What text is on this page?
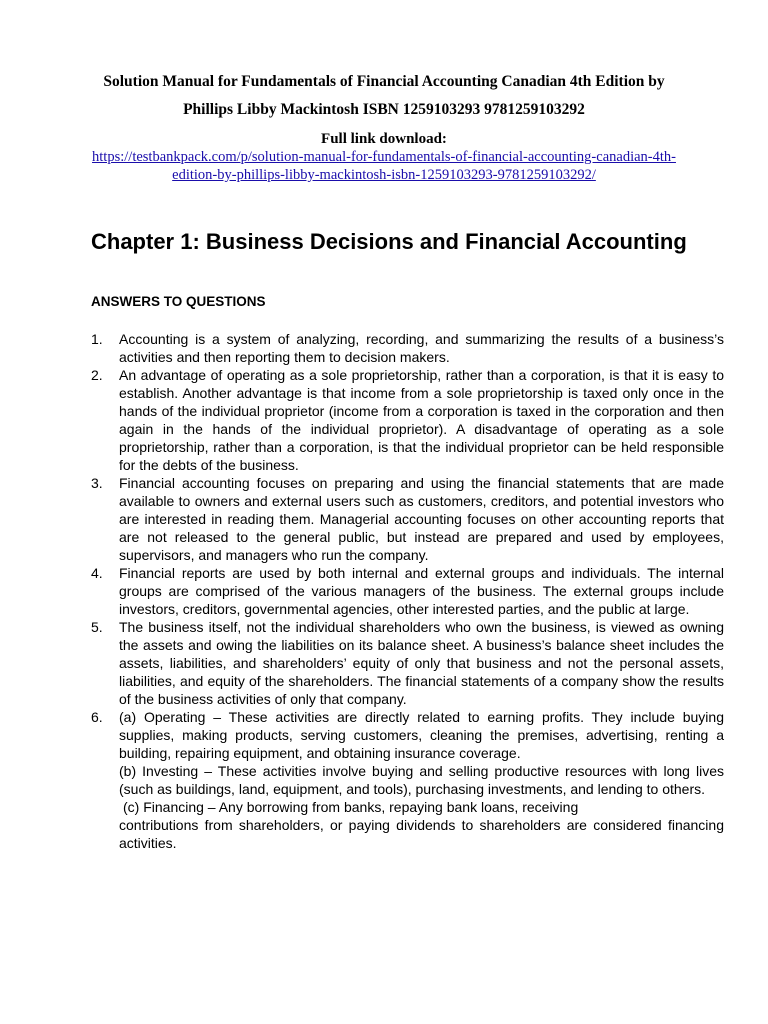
Solution Manual for Fundamentals of Financial Accounting Canadian 4th Edition by

Phillips Libby Mackintosh ISBN 1259103293 9781259103292

Full link download:

https://testbankpack.com/p/solution-manual-for-fundamentals-of-financial-accounting-canadian-4th-
edition-by-phillips-libby-mackintosh-isbn-1259103293-9781259103292/
Chapter 1: Business Decisions and Financial Accounting
ANSWERS TO QUESTIONS
1. Accounting is a system of analyzing, recording, and summarizing the results of a business’s activities and then reporting them to decision makers.
2. An advantage of operating as a sole proprietorship, rather than a corporation, is that it is easy to establish. Another advantage is that income from a sole proprietorship is taxed only once in the hands of the individual proprietor (income from a corporation is taxed in the corporation and then again in the hands of the individual proprietor). A disadvantage of operating as a sole proprietorship, rather than a corporation, is that the individual proprietor can be held responsible for the debts of the business.
3. Financial accounting focuses on preparing and using the financial statements that are made available to owners and external users such as customers, creditors, and potential investors who are interested in reading them. Managerial accounting focuses on other accounting reports that are not released to the general public, but instead are prepared and used by employees, supervisors, and managers who run the company.
4. Financial reports are used by both internal and external groups and individuals. The internal groups are comprised of the various managers of the business. The external groups include investors, creditors, governmental agencies, other interested parties, and the public at large.
5. The business itself, not the individual shareholders who own the business, is viewed as owning the assets and owing the liabilities on its balance sheet. A business’s balance sheet includes the assets, liabilities, and shareholders’ equity of only that business and not the personal assets, liabilities, and equity of the shareholders. The financial statements of a company show the results of the business activities of only that company.
6. (a) Operating – These activities are directly related to earning profits. They include buying supplies, making products, serving customers, cleaning the premises, advertising, renting a building, repairing equipment, and obtaining insurance coverage.
(b) Investing – These activities involve buying and selling productive resources with long lives (such as buildings, land, equipment, and tools), purchasing investments, and lending to others.
(c) Financing – Any borrowing from banks, repaying bank loans, receiving
contributions from shareholders, or paying dividends to shareholders are considered financing activities.
